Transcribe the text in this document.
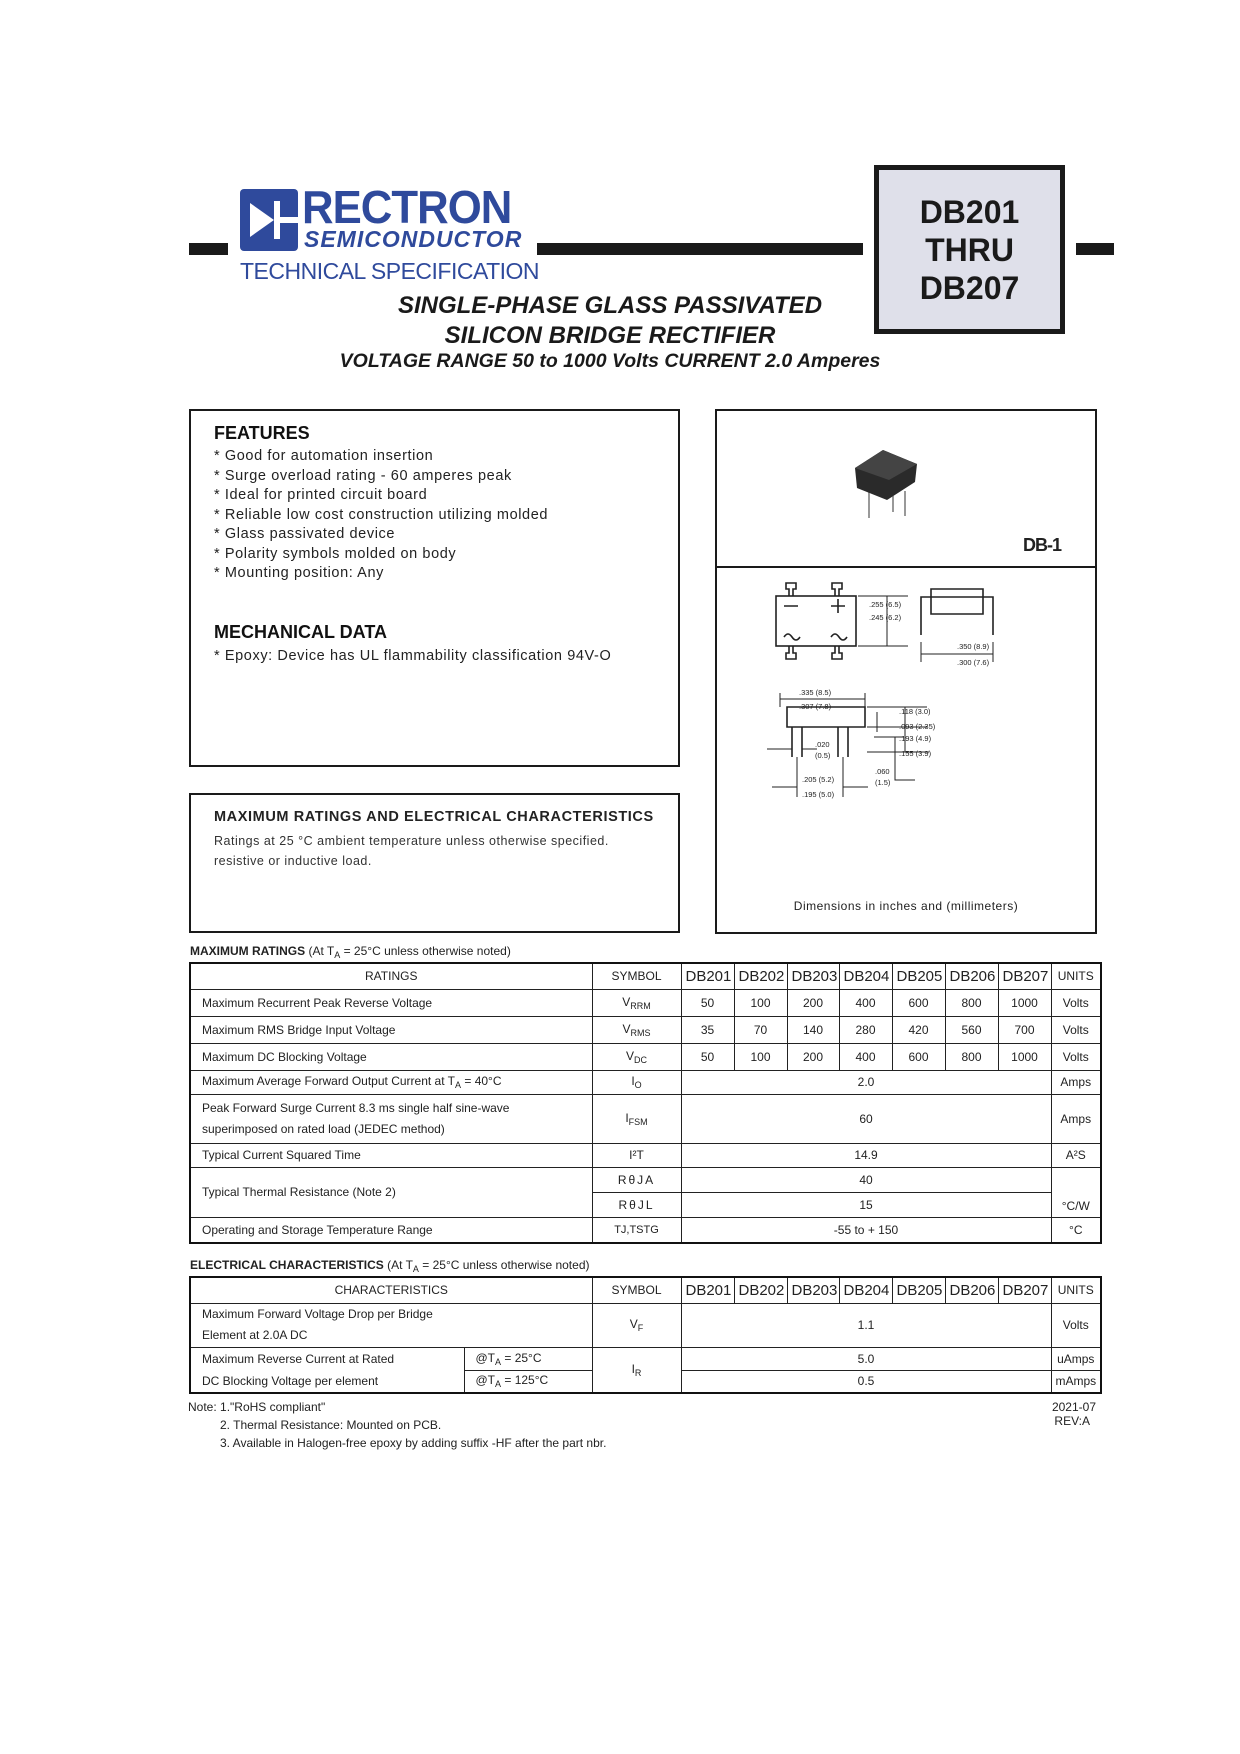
RECTRON
SEMICONDUCTOR
TECHNICAL SPECIFICATION
DB201
THRU
DB207
SINGLE-PHASE GLASS PASSIVATED
SILICON BRIDGE RECTIFIER
VOLTAGE RANGE 50 to 1000 Volts CURRENT 2.0 Amperes
FEATURES
* Good for automation insertion
* Surge overload rating - 60 amperes peak
* Ideal for printed circuit board
* Reliable low cost construction utilizing molded
* Glass passivated device
* Polarity symbols molded on body
* Mounting position: Any
MECHANICAL DATA
* Epoxy: Device has UL flammability classification 94V-O
MAXIMUM RATINGS AND ELECTRICAL CHARACTERISTICS
Ratings at 25 °C ambient temperature unless otherwise specified.
resistive or inductive load.
DB-1
.255 (6.5)
.245 (6.2)
.350 (8.9)
.300 (7.6)
.335 (8.5)
.307 (7.8)
.118 (3.0)
.093 (2.35)
.193 (4.9)
.155 (3.9)
.020
(0.5)
.060
(1.5)
.205 (5.2)
.195 (5.0)
Dimensions in inches and (millimeters)
MAXIMUM RATINGS (At $T_A = 25^\circ C$ unless otherwise noted)
RATINGS	SYMBOL	DB201	DB202	DB203	DB204	DB205	DB206	DB207	UNITS
Maximum Recurrent Peak Reverse Voltage	$V_{RRM}$	50	100	200	400	600	800	1000	Volts
Maximum RMS Bridge Input Voltage	$V_{RMS}$	35	70	140	280	420	560	700	Volts
Maximum DC Blocking Voltage	$V_{DC}$	50	100	200	400	600	800	1000	Volts
Maximum Average Forward Output Current at $T_A = 40^\circ C$	$I_O$	2.0							Amps

Peak Forward Surge Current 8.3 ms single half sine-wave
superimposed on rated load (JEDEC method)	$I_{FSM}$	60							Amps
Typical Current Squared Time	I²T	14.9							A²S
Typical Thermal Resistance (Note 2)	RθJA	40							°C/W
	RθJL	15							
Operating and Storage Temperature Range	TJ,TSTG	-55 to + 150							°C
ELECTRICAL CHARACTERISTICS (At $T_A = 25^\circ C$ unless otherwise noted)
CHARACTERISTICS		SYMBOL	DB201	DB202	DB203	DB204	DB205	DB206	DB207	UNITS

Maximum Forward Voltage Drop per Bridge
Element at 2.0A DC		$V_F$	1.1							Volts
Maximum Reverse Current at Rated	$@T_A = 25^\circ C$	$I_R$	5.0							uAmps
DC Blocking Voltage per element	$@T_A = 125^\circ C$		0.5							mAmps
Note: 1."RoHS compliant"
2. Thermal Resistance: Mounted on PCB.
3. Available in Halogen-free epoxy by adding suffix -HF after the part nbr.
2021-07
REV:A
